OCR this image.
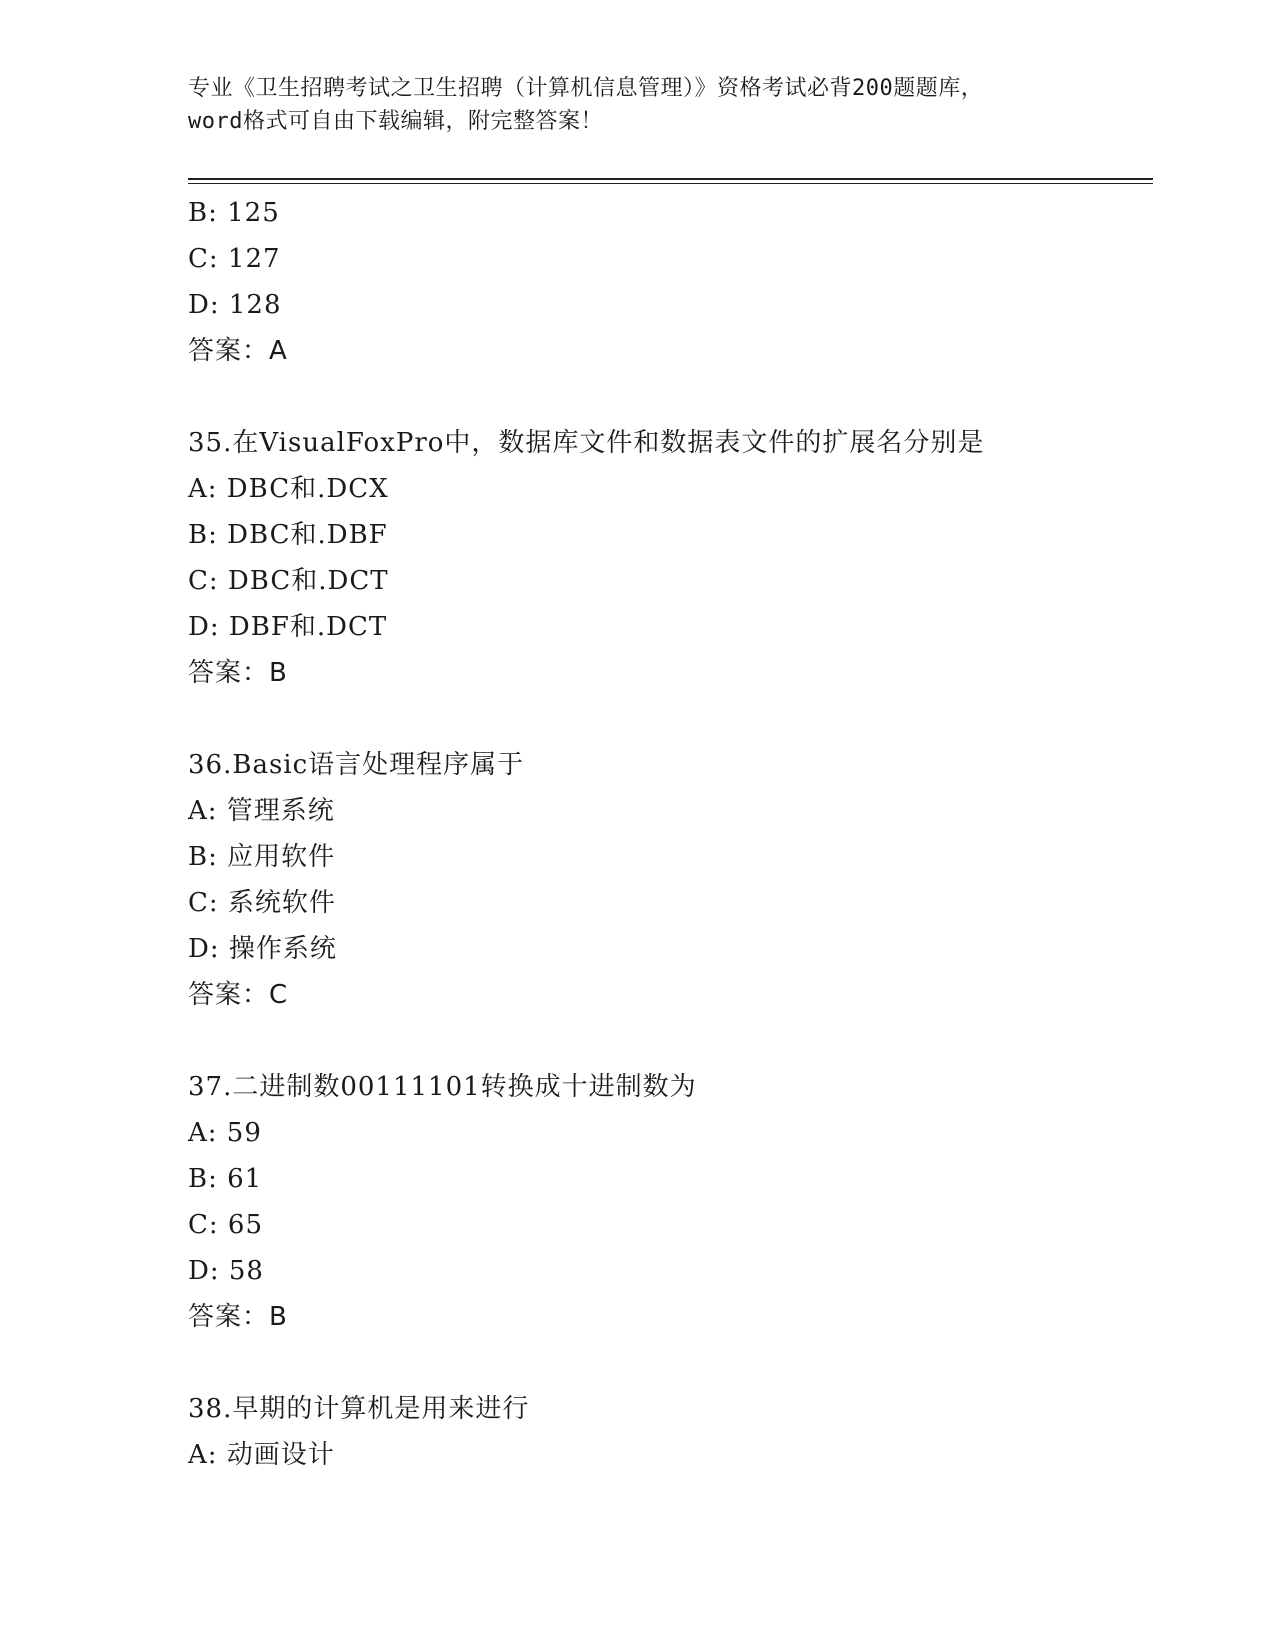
专业《卫生招聘考试之卫生招聘（计算机信息管理）》资格考试必背200题题库，
word格式可自由下载编辑，附完整答案！
B: 125
C: 127
D: 128
答案：A
35.在VisualFoxPro中，数据库文件和数据表文件的扩展名分别是
A: DBC和.DCX
B: DBC和.DBF
C: DBC和.DCT
D: DBF和.DCT
答案：B
36.Basic语言处理程序属于
A: 管理系统
B: 应用软件
C: 系统软件
D: 操作系统
答案：C
37.二进制数00111101转换成十进制数为
A: 59
B: 61
C: 65
D: 58
答案：B
38.早期的计算机是用来进行
A: 动画设计
